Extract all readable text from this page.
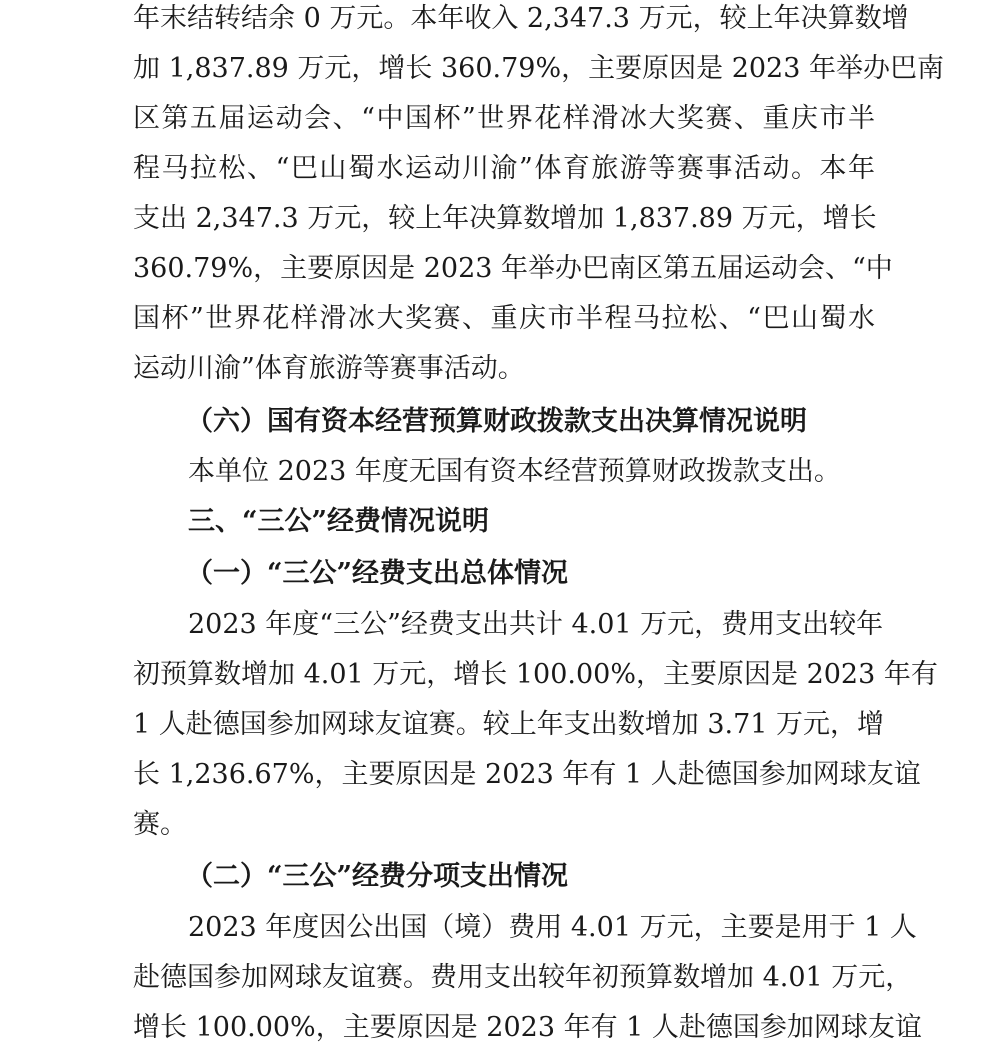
年末结转结余 0 万元。本年收入 2,347.3 万元，较上年决算数增
加 1,837.89 万元，增长 360.79%，主要原因是 2023 年举办巴南
区第五届运动会、“中国杯”世界花样滑冰大奖赛、重庆市半
程马拉松、“巴山蜀水运动川渝”体育旅游等赛事活动。本年
支出 2,347.3 万元，较上年决算数增加 1,837.89 万元，增长
360.79%，主要原因是 2023 年举办巴南区第五届运动会、“中
国杯”世界花样滑冰大奖赛、重庆市半程马拉松、“巴山蜀水
运动川渝”体育旅游等赛事活动。
（六）国有资本经营预算财政拨款支出决算情况说明
本单位 2023 年度无国有资本经营预算财政拨款支出。
三、“三公”经费情况说明
（一）“三公”经费支出总体情况
2023 年度“三公”经费支出共计 4.01 万元，费用支出较年
初预算数增加 4.01 万元，增长 100.00%，主要原因是 2023 年有
1 人赴德国参加网球友谊赛。较上年支出数增加 3.71 万元，增
长 1,236.67%，主要原因是 2023 年有 1 人赴德国参加网球友谊
赛。
（二）“三公”经费分项支出情况
2023 年度因公出国（境）费用 4.01 万元，主要是用于 1 人
赴德国参加网球友谊赛。费用支出较年初预算数增加 4.01 万元，
增长 100.00%，主要原因是 2023 年有 1 人赴德国参加网球友谊
